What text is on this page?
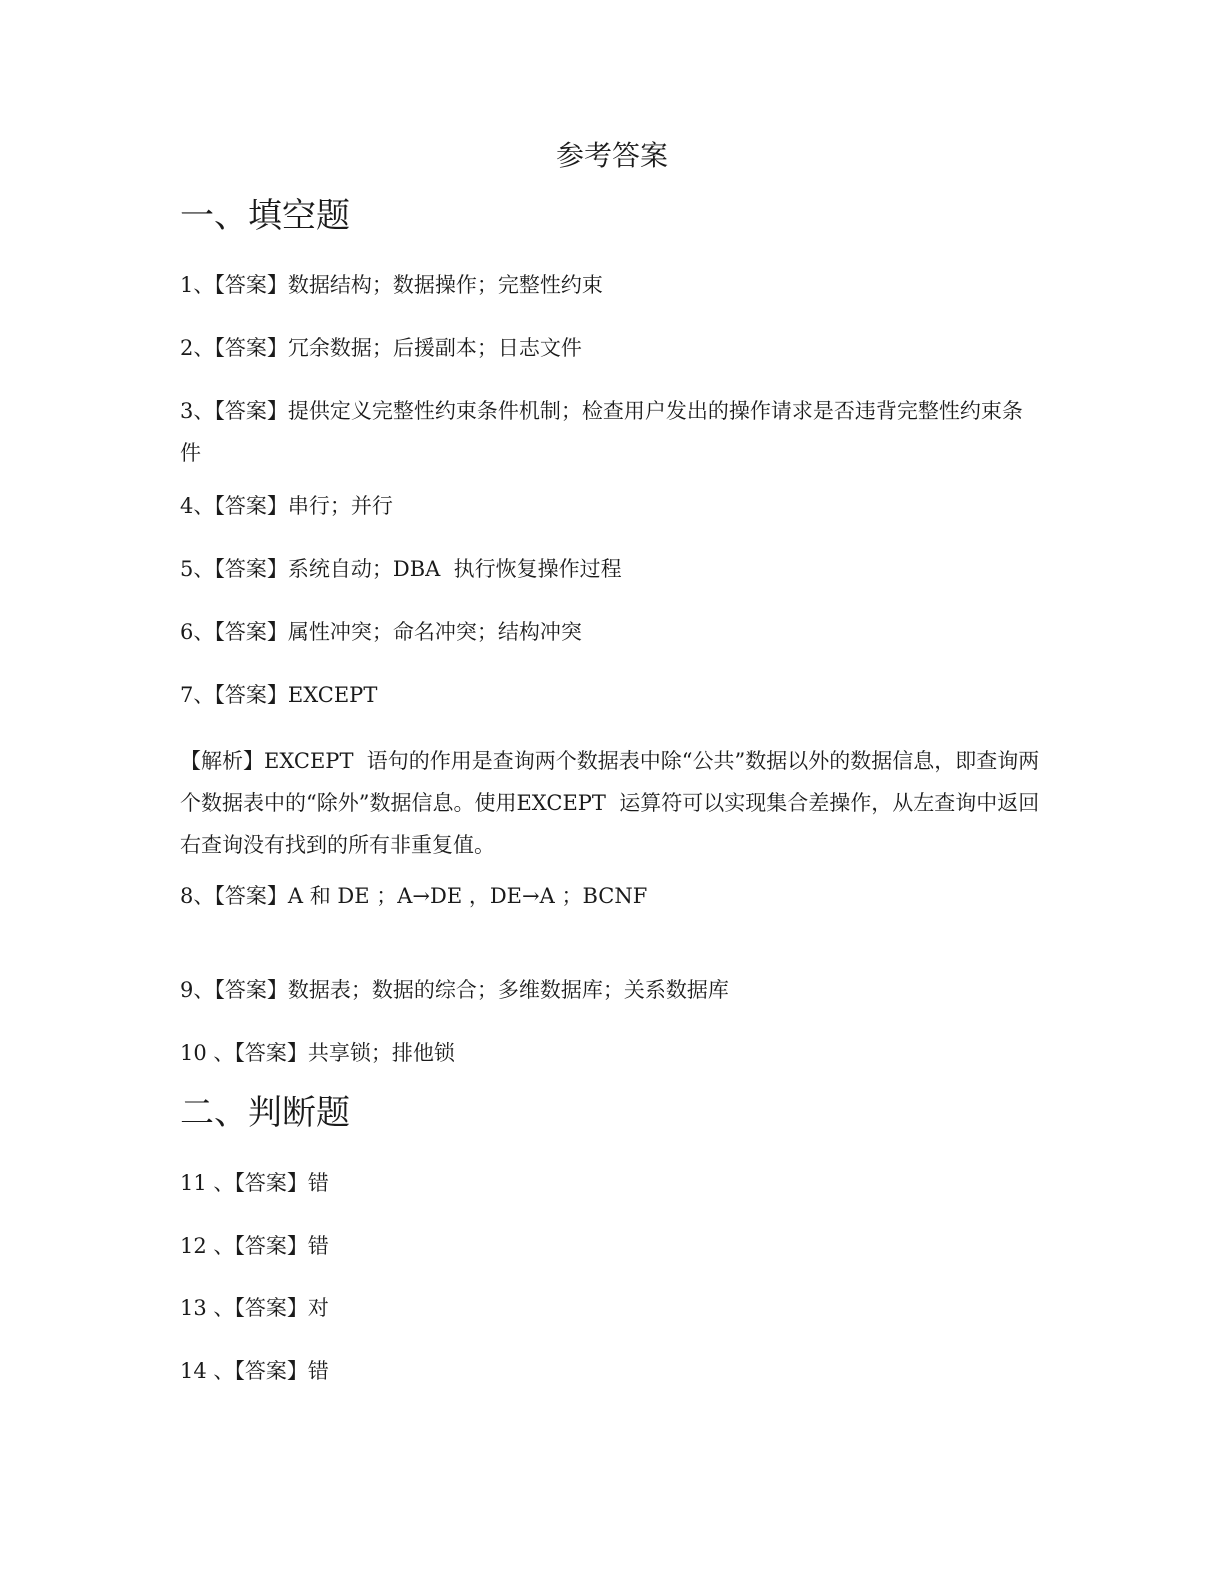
参考答案
一、填空题
1、【答案】数据结构；数据操作；完整性约束
2、【答案】冗余数据；后援副本；日志文件
3、【答案】提供定义完整性约束条件机制；检查用户发出的操作请求是否违背完整性约束条件
4、【答案】串行；并行
5、【答案】系统自动；DBA  执行恢复操作过程
6、【答案】属性冲突；命名冲突；结构冲突
7、【答案】EXCEPT
【解析】EXCEPT  语句的作用是查询两个数据表中除“公共”数据以外的数据信息，即查询两个数据表中的“除外”数据信息。使用EXCEPT  运算符可以实现集合差操作，从左查询中返回右查询没有找到的所有非重复值。
8、【答案】A 和 DE ；A→DE ，DE→A ；BCNF
9、【答案】数据表；数据的综合；多维数据库；关系数据库
10 、【答案】共享锁；排他锁
二、判断题
11 、【答案】错
12 、【答案】错
13 、【答案】对
14 、【答案】错
